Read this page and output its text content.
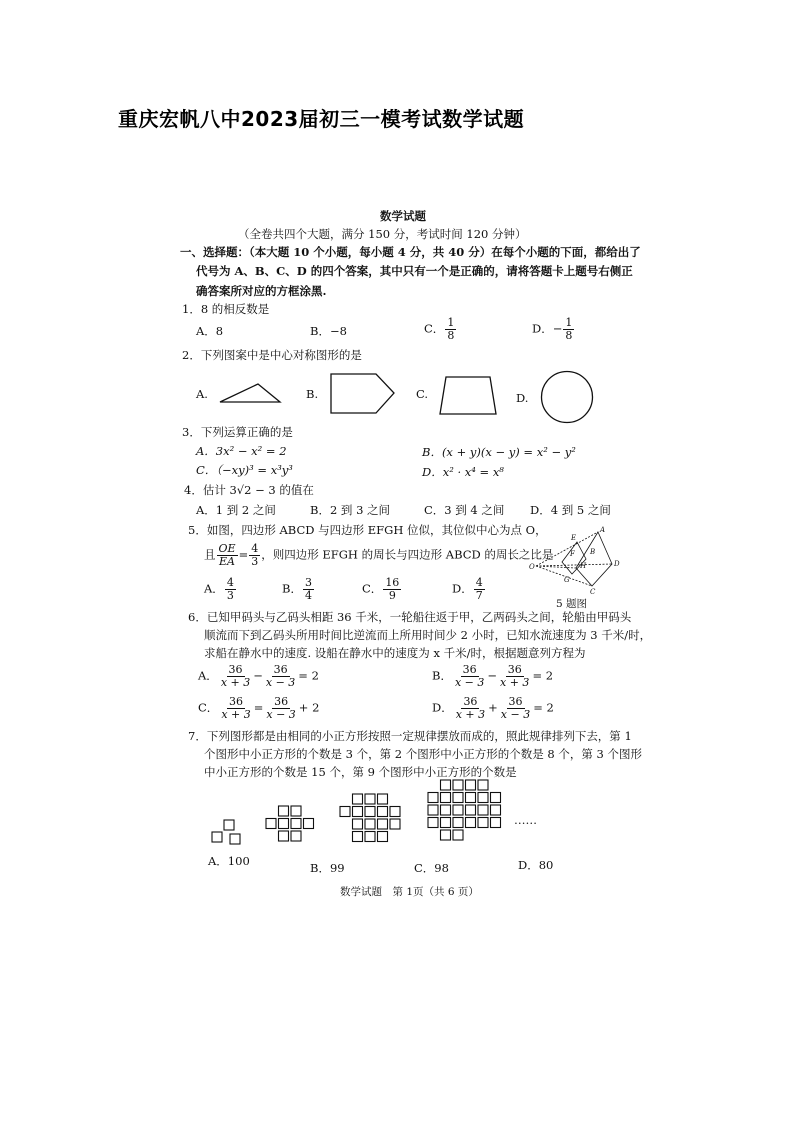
重庆宏帆八中2023届初三一模考试数学试题
数学试题
（全卷共四个大题，满分 150 分，考试时间 120 分钟）
一、选择题：（本大题 10 个小题，每小题 4 分，共 40 分）在每个小题的下面，都给出了
代号为 A、B、C、D 的四个答案，其中只有一个是正确的，请将答题卡上题号右侧正
确答案所对应的方框涂黑.
1．8 的相反数是
A．8	B．−8	C． $\frac{1}{8}$	D．− $\frac{1}{8}$
2．下列图案中是中心对称图形的是
A.	B.	C.	D.
3．下列运算正确的是
A．3x² − x² = 2	B．(x + y)(x − y) = x² − y²
C．（−xy)³ = x³y³	D．x² · x⁴ = x⁸
4．估计 3√2 − 3 的值在
A．1 到 2 之间	B．2 到 3 之间	C．3 到 4 之间 D．4 到 5 之间
5．如图，四边形 ABCD 与四边形 EFGH 位似，其位似中心为点 O，
且 $\frac{OE}{EA} = \frac{4}{3}$ ，则四边形 EFGH 的周长与四边形 ABCD 的周长之比是
A． $\frac{4}{3}$	B． $\frac{3}{4}$	C． $\frac{16}{9}$	D． $\frac{4}{7}$
A
B
C
D
E
F
G
H
O
5 题图
6．已知甲码头与乙码头相距 36 千米，一轮船往返于甲，乙两码头之间，轮船由甲码头
顺流而下到乙码头所用时间比逆流而上所用时间少 2 小时，已知水流速度为 3 千米/时，
求船在静水中的速度. 设船在静水中的速度为 x 千米/时，根据题意列方程为
A． $\frac{36}{x + 3} - \frac{36}{x - 3} = 2$	B． $\frac{36}{x - 3} - \frac{36}{x + 3} = 2$
C． $\frac{36}{x + 3} = \frac{36}{x - 3} + 2$	D． $\frac{36}{x + 3} + \frac{36}{x - 3} = 2$
7．下列图形都是由相同的小正方形按照一定规律摆放而成的，照此规律排列下去，第 1
个图形中小正方形的个数是 3 个，第 2 个图形中小正方形的个数是 8 个，第 3 个图形
中小正方形的个数是 15 个，第 9 个图形中小正方形的个数是
……
A．100	B．99	C．98	D．80
数学试题　第 1页（共 6 页）
